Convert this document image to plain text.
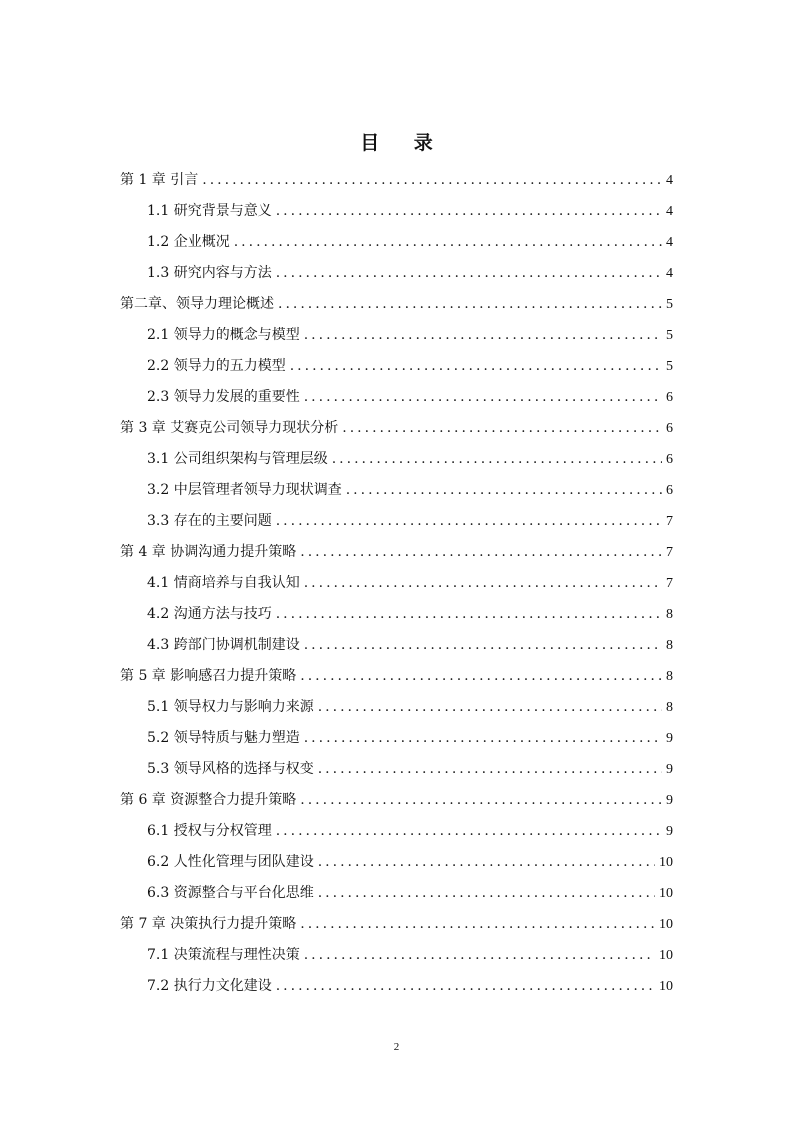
目 录
第 1 章 引言 .....	4
1.1 研究背景与意义 .....	4
1.2 企业概况 .....	4
1.3 研究内容与方法 .....	4
第二章、领导力理论概述 .....	5
2.1 领导力的概念与模型 .....	5
2.2 领导力的五力模型 .....	5
2.3 领导力发展的重要性 .....	6
第 3 章 艾赛克公司领导力现状分析 .....	6
3.1 公司组织架构与管理层级 .....	6
3.2 中层管理者领导力现状调查 .....	6
3.3 存在的主要问题 .....	7
第 4 章 协调沟通力提升策略 .....	7
4.1 情商培养与自我认知 .....	7
4.2 沟通方法与技巧 .....	8
4.3 跨部门协调机制建设 .....	8
第 5 章 影响感召力提升策略 .....	8
5.1 领导权力与影响力来源 .....	8
5.2 领导特质与魅力塑造 .....	9
5.3 领导风格的选择与权变 .....	9
第 6 章 资源整合力提升策略 .....	9
6.1 授权与分权管理 .....	9
6.2 人性化管理与团队建设 .....	10
6.3 资源整合与平台化思维 .....	10
第 7 章 决策执行力提升策略 .....	10
7.1 决策流程与理性决策 .....	10
7.2 执行力文化建设 .....	10
2
